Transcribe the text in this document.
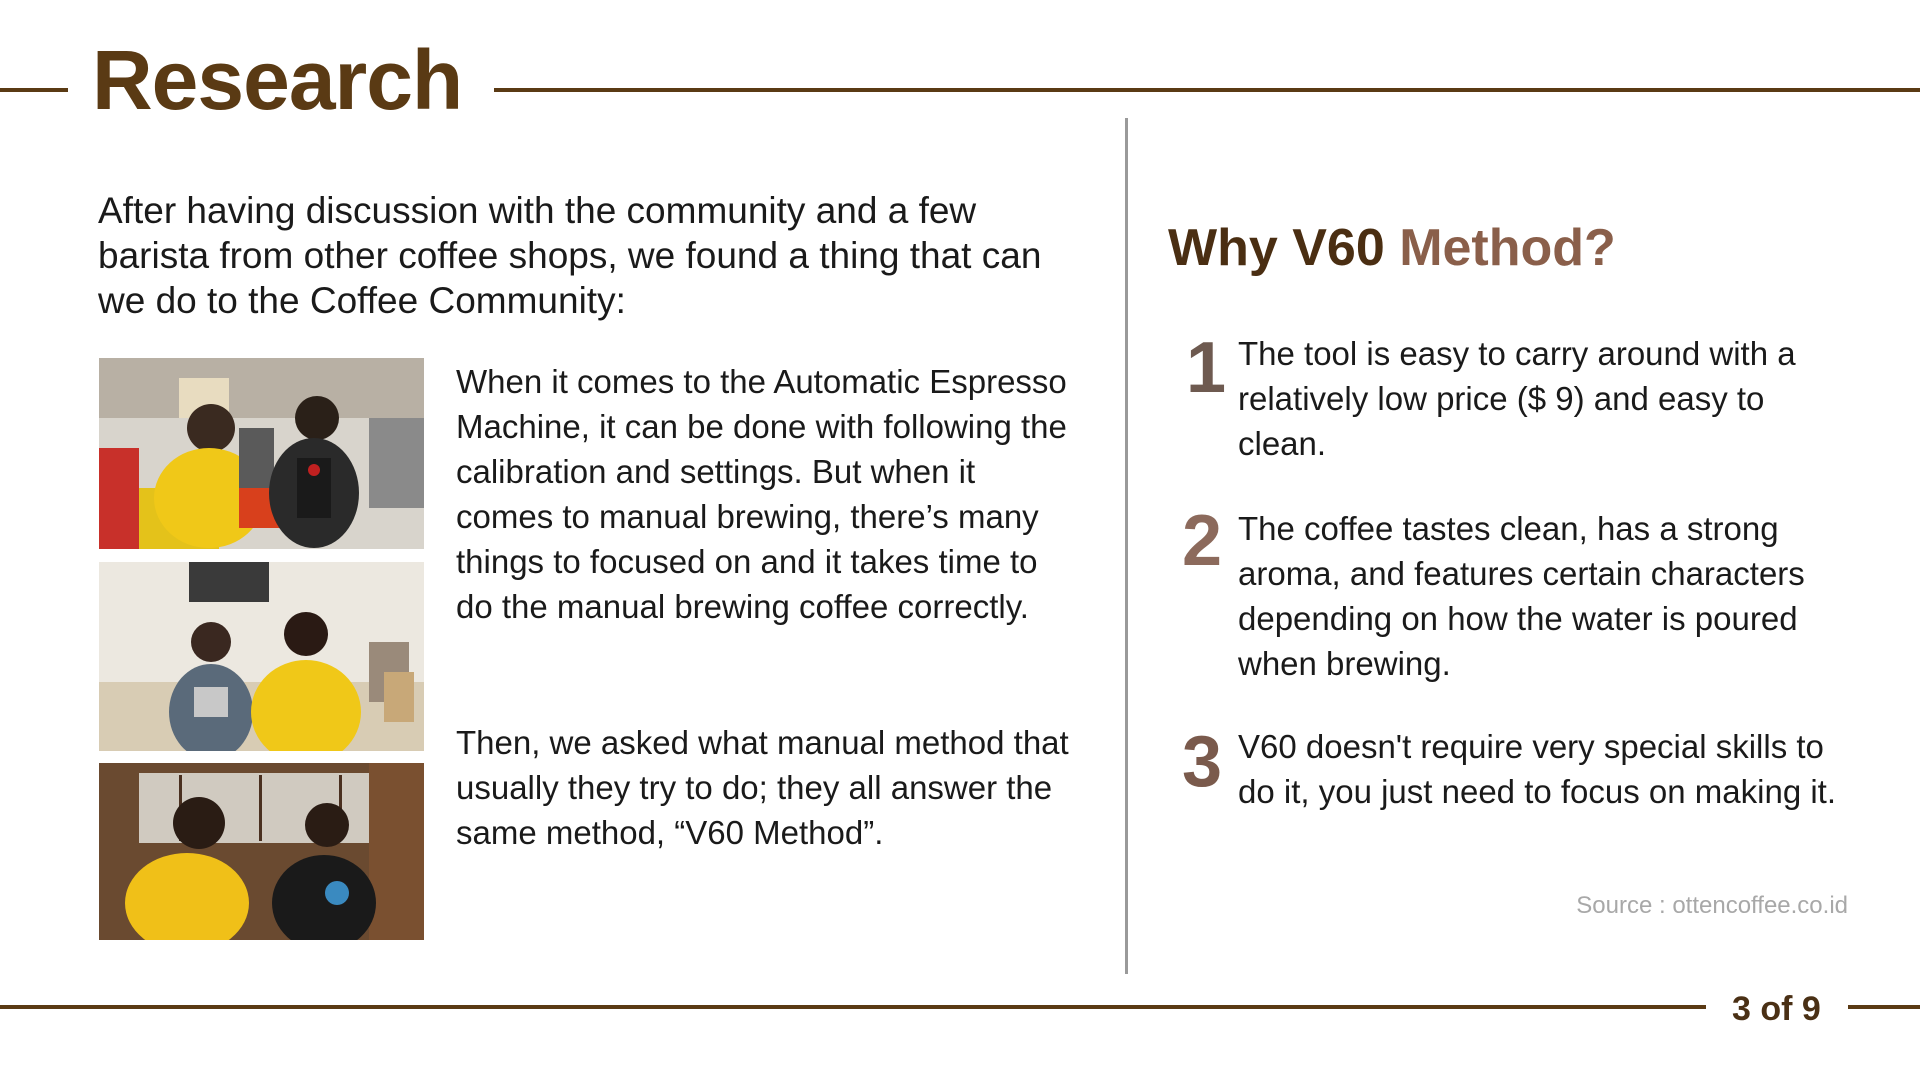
Research

After having discussion with the community and a few barista from other coffee shops, we found a thing that can we do to the Coffee Community:

When it comes to the Automatic Espresso Machine, it can be done with following the calibration and settings. But when it comes to manual brewing, there’s many things to focused on and it takes time to do the manual brewing coffee correctly.

Then, we asked what manual method that usually they try to do; they all answer the same method, “V60 Method”.

Why V60 Method?
1 The tool is easy to carry around with a relatively low price ($ 9) and easy to clean.

2 The coffee tastes clean, has a strong aroma, and features certain characters depending on how the water is poured when brewing.

3 V60 doesn't require very special skills to do it, you just need to focus on making it.

Source : ottencoffee.co.id
3 of 9
